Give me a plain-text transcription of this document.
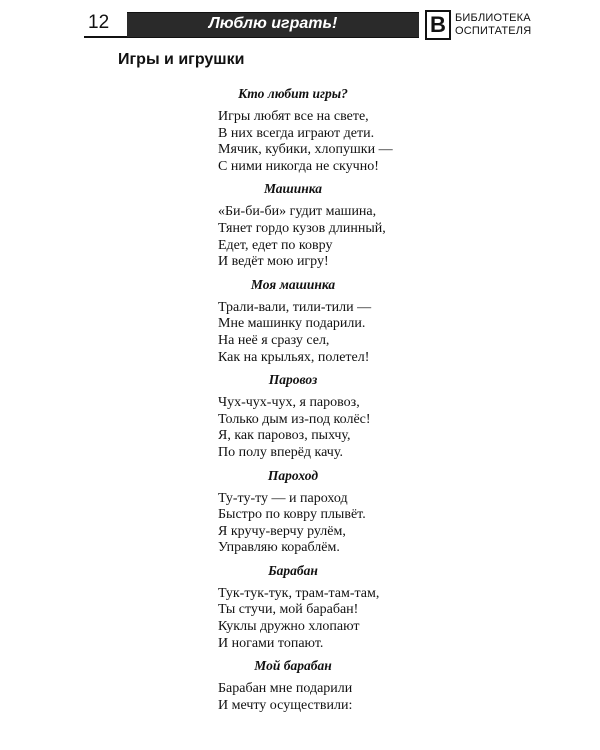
12	Люблю играть!	В БИБЛИОТЕКА
ОСПИТАТЕЛЯ
Игры и игрушки
Кто любит игры?
Игры любят все на свете,
В них всегда играют дети.
Мячик, кубики, хлопушки —
С ними никогда не скучно!
Машинка
«Би-би-би» гудит машина,
Тянет гордо кузов длинный,
Едет, едет по ковру
И ведёт мою игру!
Моя машинка
Трали-вали, тили-тили —
Мне машинку подарили.
На неё я сразу сел,
Как на крыльях, полетел!
Паровоз
Чух-чух-чух, я паровоз,
Только дым из-под колёс!
Я, как паровоз, пыхчу,
По полу вперёд качу.
Пароход
Ту-ту-ту — и пароход
Быстро по ковру плывёт.
Я кручу-верчу рулём,
Управляю кораблём.
Барабан
Тук-тук-тук, трам-там-там,
Ты стучи, мой барабан!
Куклы дружно хлопают
И ногами топают.
Мой барабан
Барабан мне подарили
И мечту осуществили:
